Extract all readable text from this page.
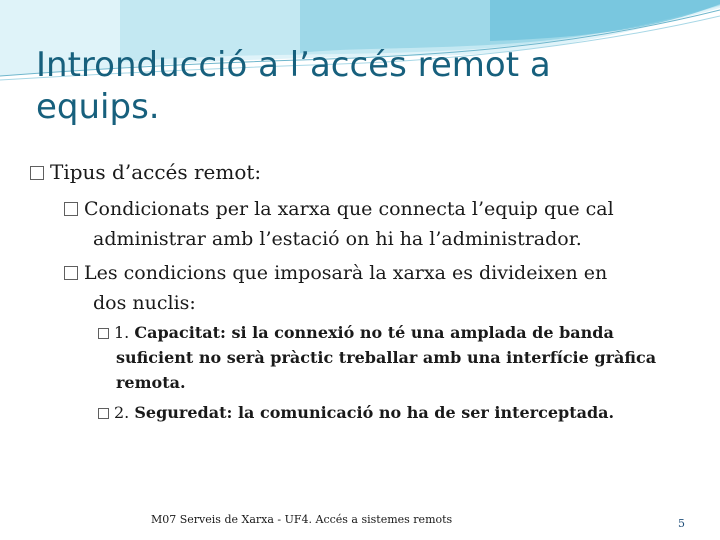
Intronducció a l’accés remot a
equips.
Tipus d’accés remot:
Condicionats per la xarxa que connecta l’equip que cal
administrar amb l’estació on hi ha l’administrador.
Les condicions que imposarà la xarxa es divideixen en
dos nuclis:
1. Capacitat: si la connexió no té una amplada de banda
suficient no serà pràctic treballar amb una interfície gràfica
remota.
2. Seguredat: la comunicació no ha de ser interceptada.
M07 Serveis de Xarxa - UF4. Accés a sistemes remots	5
